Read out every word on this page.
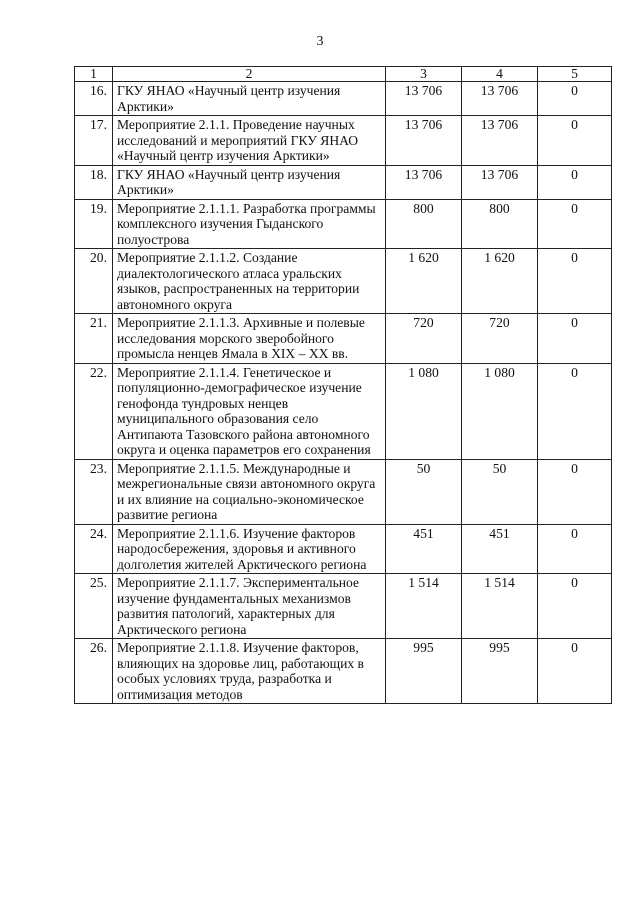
3
1	2	3	4	5
16.	ГКУ ЯНАО «Научный центр изучения Арктики»	13 706	13 706	0
17.	Мероприятие 2.1.1. Проведение научных исследований и мероприятий ГКУ ЯНАО «Научный центр изучения Арктики»	13 706	13 706	0
18.	ГКУ ЯНАО «Научный центр изучения Арктики»	13 706	13 706	0
19.	Мероприятие 2.1.1.1. Разработка программы комплексного изучения Гыданского полуострова	800	800	0
20.	Мероприятие 2.1.1.2. Создание диалектологического атласа уральских языков, распространенных на территории автономного округа	1 620	1 620	0
21.	Мероприятие 2.1.1.3. Архивные и полевые исследования морского зверобойного промысла ненцев Ямала в XIX – XX вв.	720	720	0
22.	Мероприятие 2.1.1.4. Генетическое и популяционно-демографическое изучение генофонда тундровых ненцев муниципального образования село Антипаюта Тазовского района автономного округа и оценка параметров его сохранения	1 080	1 080	0
23.	Мероприятие 2.1.1.5. Международные и межрегиональные связи автономного округа и их влияние на социально-экономическое развитие региона	50	50	0
24.	Мероприятие 2.1.1.6. Изучение факторов народосбережения, здоровья и активного долголетия жителей Арктического региона	451	451	0
25.	Мероприятие 2.1.1.7. Экспериментальное изучение фундаментальных механизмов развития патологий, характерных для Арктического региона	1 514	1 514	0
26.	Мероприятие 2.1.1.8. Изучение факторов, влияющих на здоровье лиц, работающих в особых условиях труда, разработка и оптимизация методов	995	995	0
